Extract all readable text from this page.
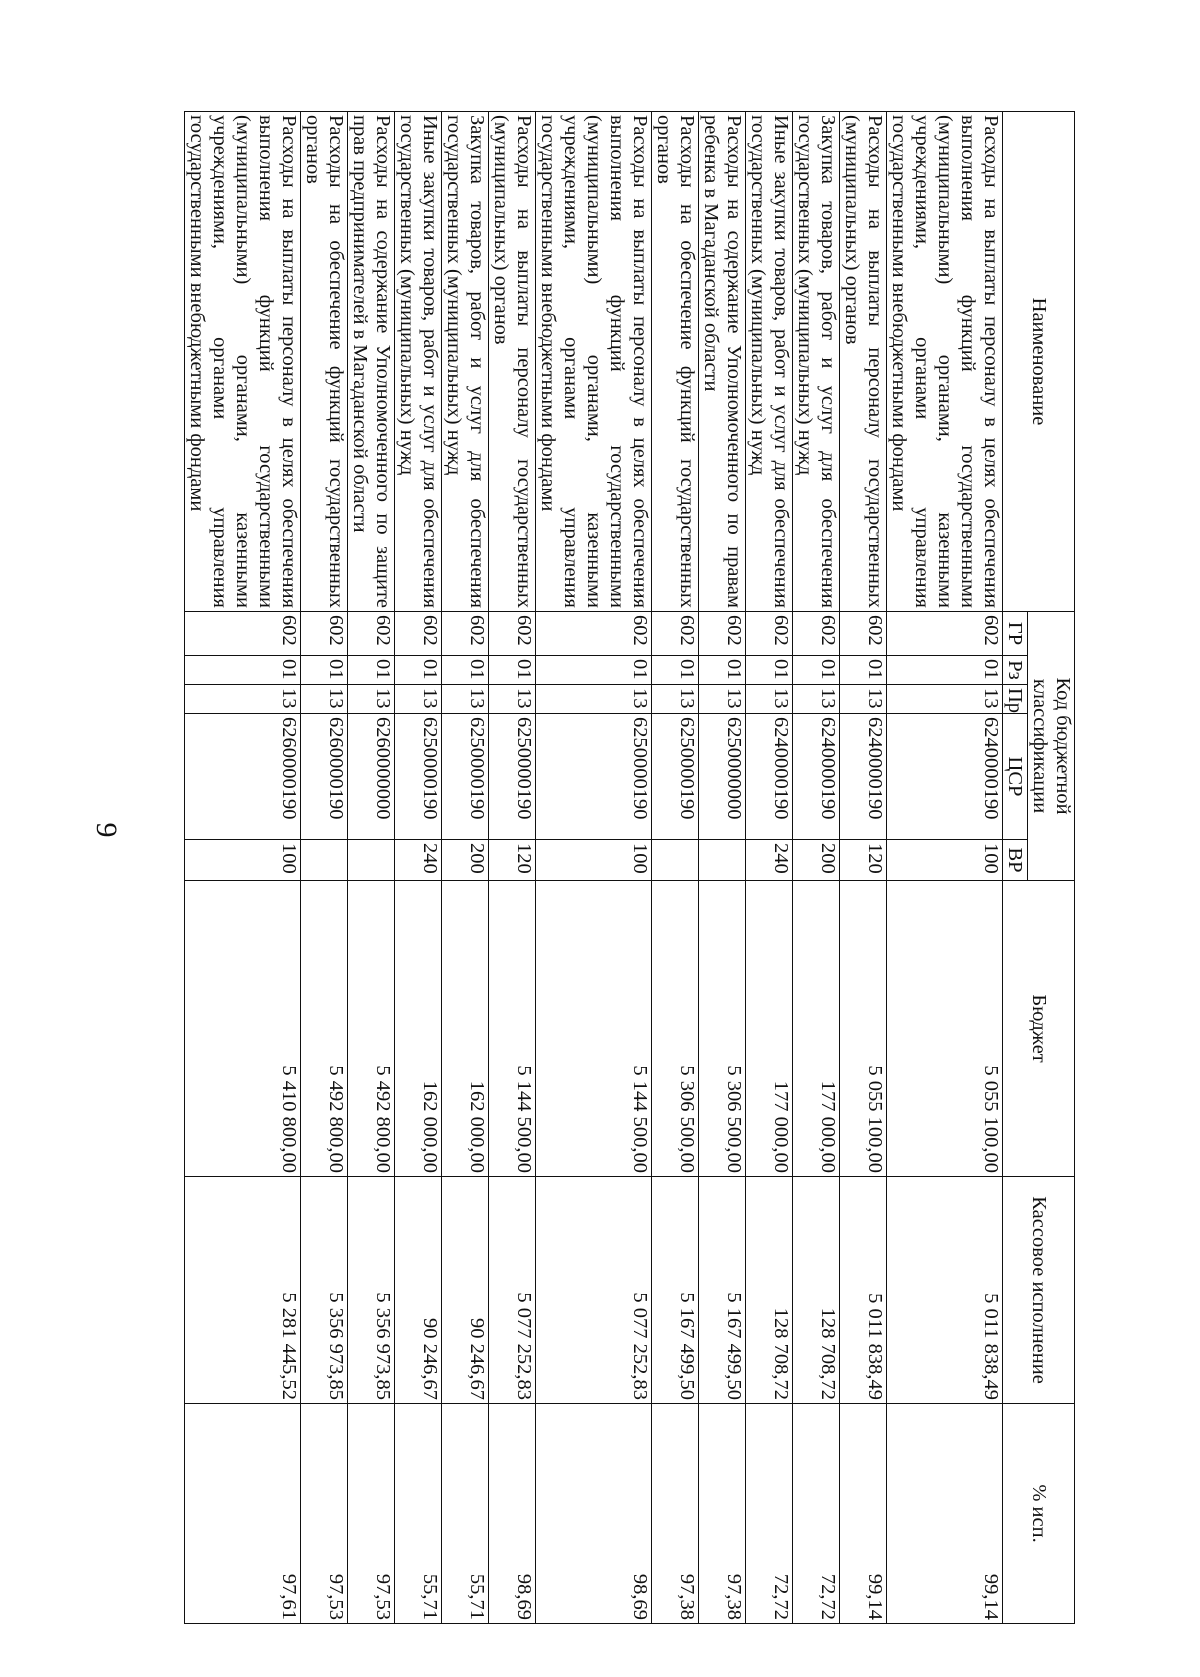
9
Наименование	Код бюджетной классификации					Бюджет	Кассовое исполнение	% исп.
	ГР	Рз	Пр	ЦСР	ВР			
Расходы на выплаты персоналу в целях обеспечения выполнения функций государственными (муниципальными) органами, казенными учреждениями, органами управления государственными внебюджетными фондами	602	01	13	6240000190	100	5 055 100,00	5 011 838,49	99,14
Расходы на выплаты персоналу государственных (муниципальных) органов	602	01	13	6240000190	120	5 055 100,00	5 011 838,49	99,14
Закупка товаров, работ и услуг для обеспечения государственных (муниципальных) нужд	602	01	13	6240000190	200	177 000,00	128 708,72	72,72
Иные закупки товаров, работ и услуг для обеспечения государственных (муниципальных) нужд	602	01	13	6240000190	240	177 000,00	128 708,72	72,72
Расходы на содержание Уполномоченного по правам ребенка в Магаданской области	602	01	13	6250000000		5 306 500,00	5 167 499,50	97,38
Расходы на обеспечение функций государственных органов	602	01	13	6250000190		5 306 500,00	5 167 499,50	97,38
Расходы на выплаты персоналу в целях обеспечения выполнения функций государственными (муниципальными) органами, казенными учреждениями, органами управления государственными внебюджетными фондами	602	01	13	6250000190	100	5 144 500,00	5 077 252,83	98,69
Расходы на выплаты персоналу государственных (муниципальных) органов	602	01	13	6250000190	120	5 144 500,00	5 077 252,83	98,69
Закупка товаров, работ и услуг для обеспечения государственных (муниципальных) нужд	602	01	13	6250000190	200	162 000,00	90 246,67	55,71
Иные закупки товаров, работ и услуг для обеспечения государственных (муниципальных) нужд	602	01	13	6250000190	240	162 000,00	90 246,67	55,71
Расходы на содержание Уполномоченного по защите прав предпринимателей в Магаданской области	602	01	13	6260000000		5 492 800,00	5 356 973,85	97,53
Расходы на обеспечение функций государственных органов	602	01	13	6260000190		5 492 800,00	5 356 973,85	97,53
Расходы на выплаты персоналу в целях обеспечения выполнения функций государственными (муниципальными) органами, казенными учреждениями, органами управления государственными внебюджетными фондами	602	01	13	6260000190	100	5 410 800,00	5 281 445,52	97,61
